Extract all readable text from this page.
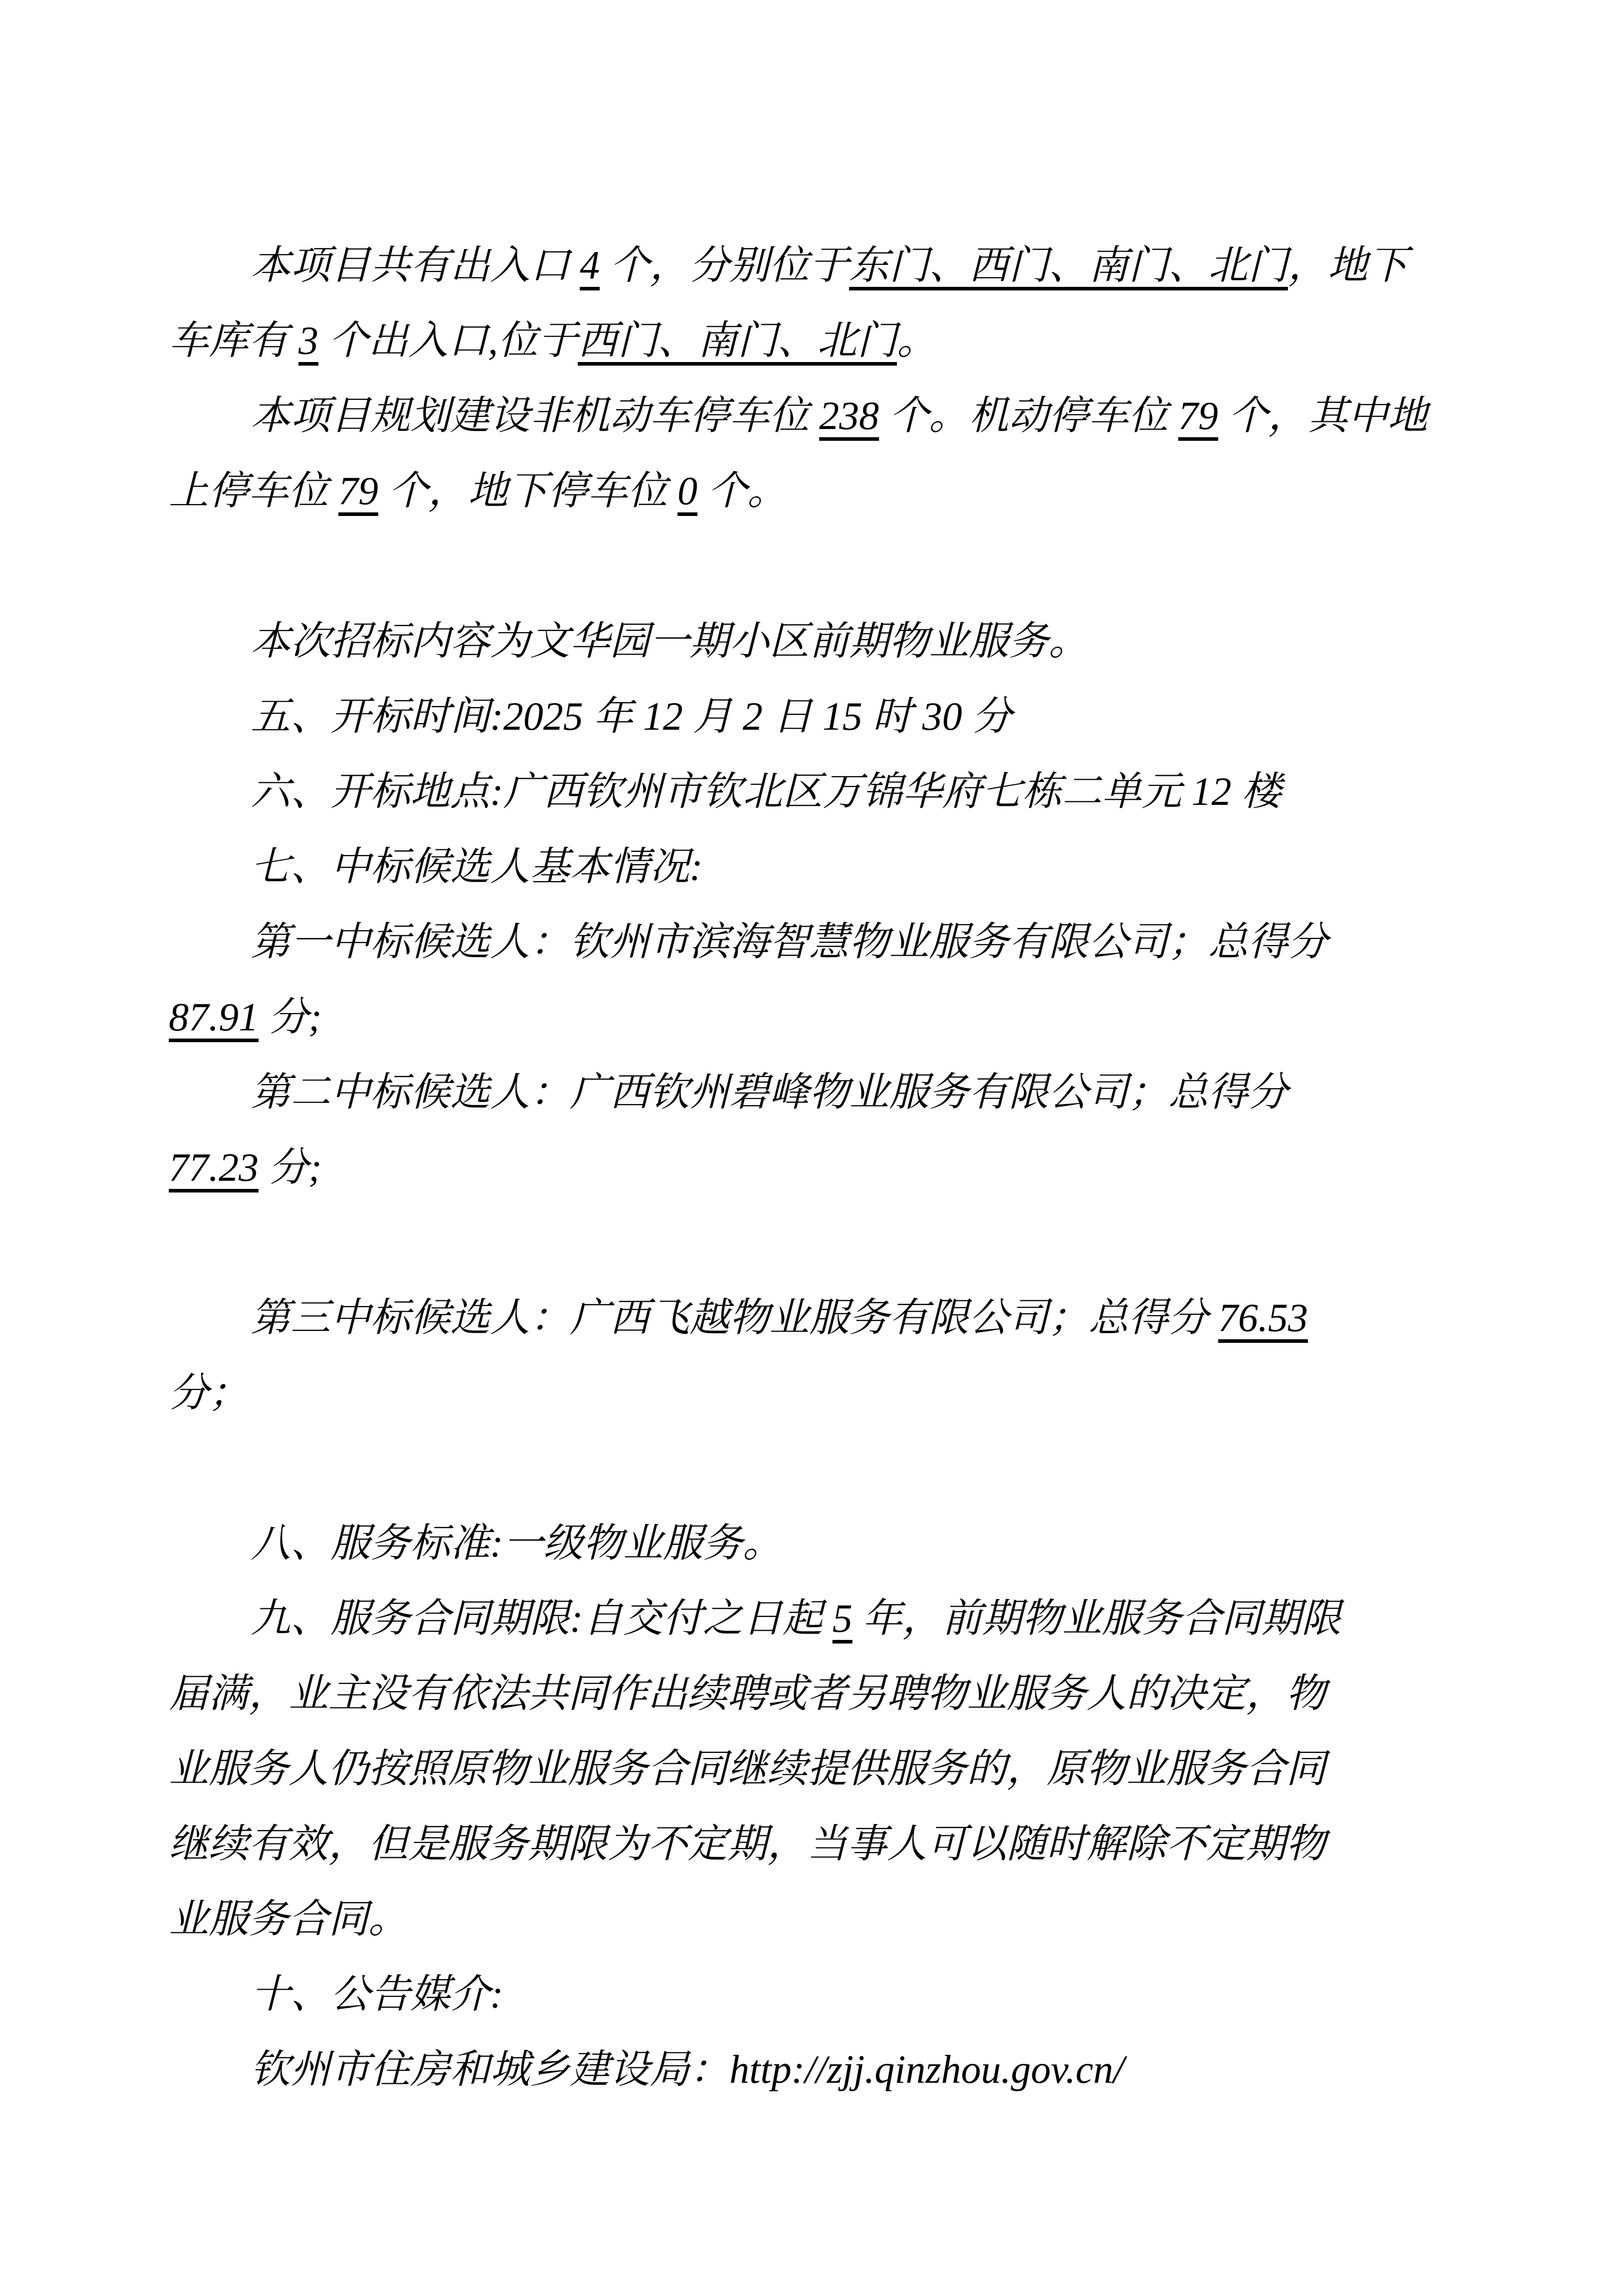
本项目共有出入口 4 个，分别位于东门、西门、南门、北门，地下
车库有 3 个出入口,位于西门、南门、北门。
本项目规划建设非机动车停车位 238 个。机动停车位 79 个，其中地
上停车位 79 个，地下停车位 0 个。

本次招标内容为文华园一期小区前期物业服务。
五、开标时间:2025 年 12 月 2 日 15 时 30 分
六、开标地点:广西钦州市钦北区万锦华府七栋二单元 12 楼
七、中标候选人基本情况:
第一中标候选人：钦州市滨海智慧物业服务有限公司；总得分
87.91 分;
第二中标候选人：广西钦州碧峰物业服务有限公司；总得分
77.23 分;

第三中标候选人：广西飞越物业服务有限公司；总得分 76.53
分；

八、服务标准:一级物业服务。
九、服务合同期限:自交付之日起 5 年，前期物业服务合同期限
届满，业主没有依法共同作出续聘或者另聘物业服务人的决定，物
业服务人仍按照原物业服务合同继续提供服务的，原物业服务合同
继续有效，但是服务期限为不定期，当事人可以随时解除不定期物
业服务合同。
十、公告媒介:
钦州市住房和城乡建设局：http://zjj.qinzhou.gov.cn/
